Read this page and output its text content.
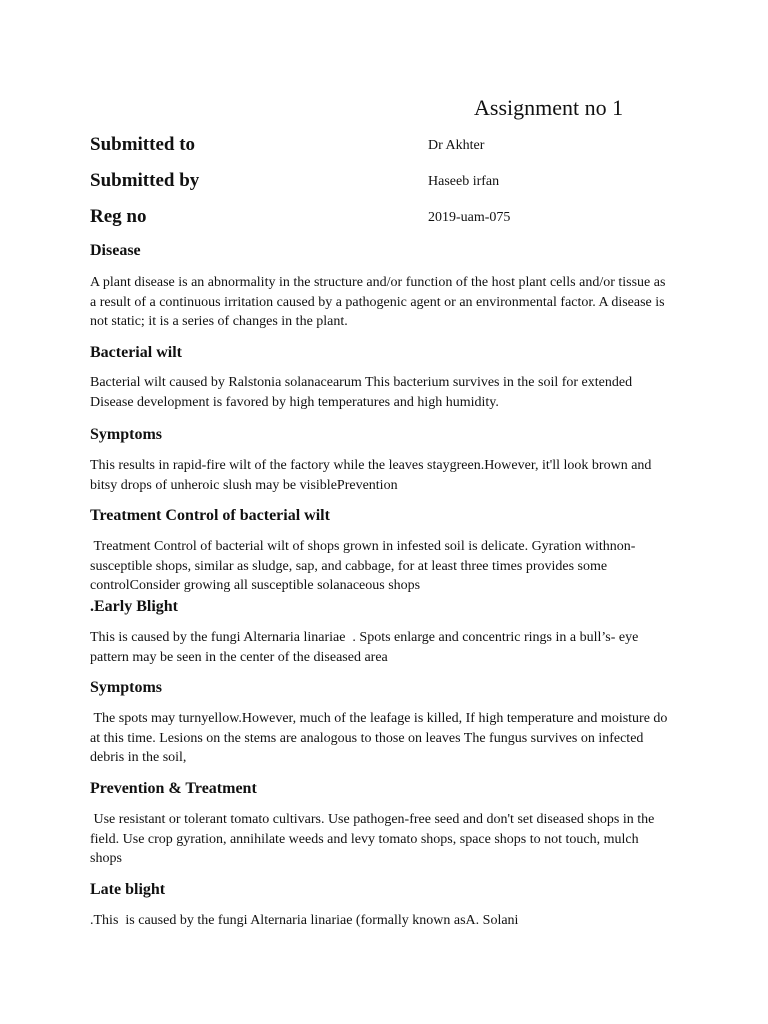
Assignment no 1
Submitted to	Dr Akhter
Submitted by	Haseeb irfan
Reg no	2019-uam-075
Disease
A plant disease is an abnormality in the structure and/or function of the host plant cells and/or tissue as a result of a continuous irritation caused by a pathogenic agent or an environmental factor. A disease is not static; it is a series of changes in the plant.
Bacterial wilt
Bacterial wilt caused by Ralstonia solanacearum This bacterium survives in the soil for extended Disease development is favored by high temperatures and high humidity.
Symptoms
This results in rapid-fire wilt of the factory while the leaves staygreen.However, it'll look brown and bitsy drops of unheroic slush may be visiblePrevention
Treatment Control of bacterial wilt
Treatment Control of bacterial wilt of shops grown in infested soil is delicate. Gyration withnon-susceptible shops, similar as sludge, sap, and cabbage, for at least three times provides some controlConsider growing all susceptible solanaceous shops
.Early Blight
This is caused by the fungi Alternaria linariae  . Spots enlarge and concentric rings in a bull’s- eye pattern may be seen in the center of the diseased area
Symptoms
The spots may turnyellow.However, much of the leafage is killed, If high temperature and moisture do at this time. Lesions on the stems are analogous to those on leaves The fungus survives on infected debris in the soil,
Prevention & Treatment
Use resistant or tolerant tomato cultivars. Use pathogen-free seed and don't set diseased shops in the field. Use crop gyration, annihilate weeds and levy tomato shops, space shops to not touch, mulch shops
Late blight
.This  is caused by the fungi Alternaria linariae (formally known asA. Solani
